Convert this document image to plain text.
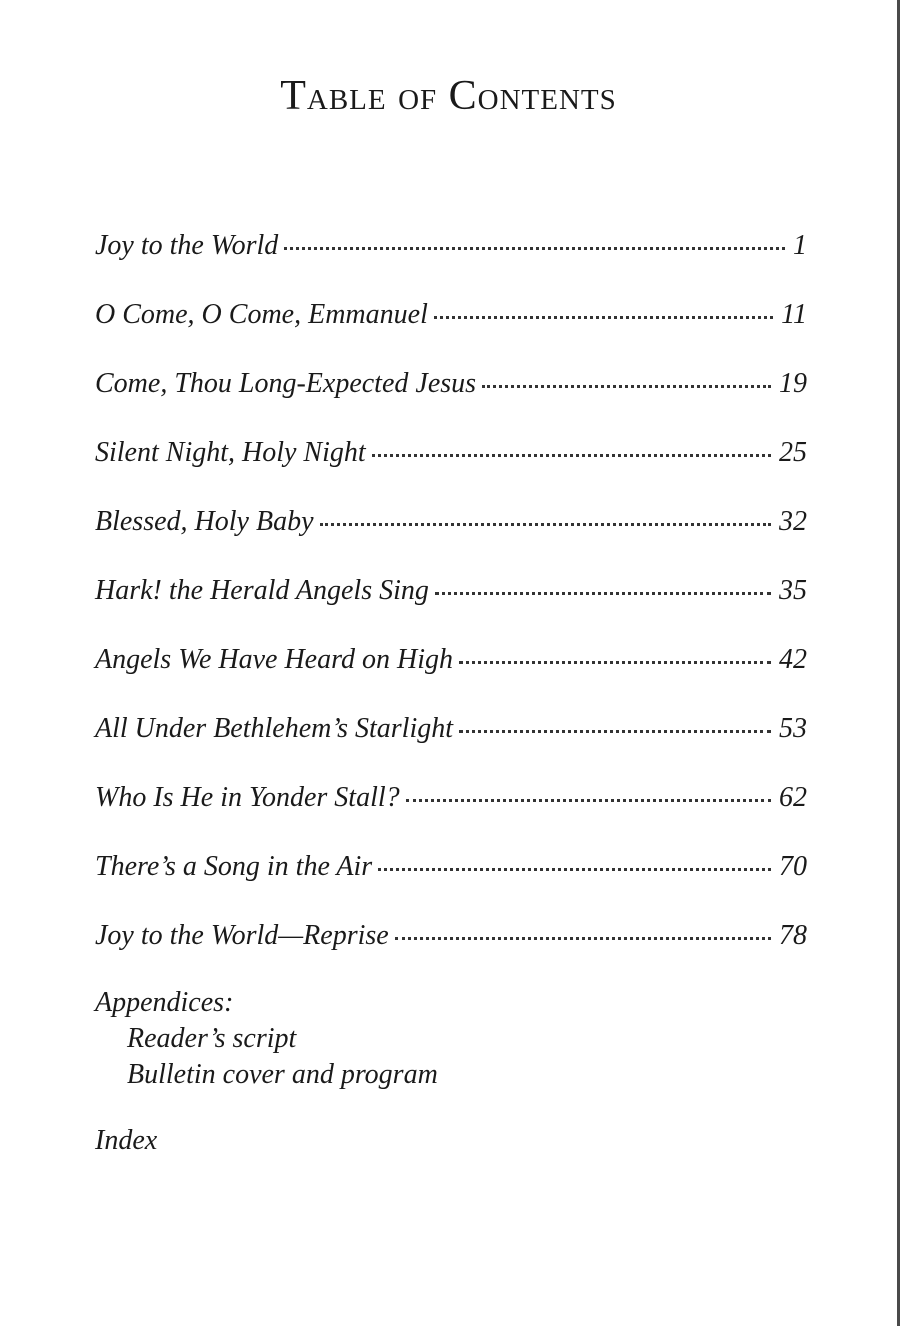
Table of Contents
Joy to the World	1
O Come, O Come, Emmanuel	11
Come, Thou Long-Expected Jesus	19
Silent Night, Holy Night	25
Blessed, Holy Baby	32
Hark! the Herald Angels Sing	35
Angels We Have Heard on High	42
All Under Bethlehem’s Starlight	53
Who Is He in Yonder Stall?	62
There’s a Song in the Air	70
Joy to the World—Reprise	78
Appendices:
Reader’s script
Bulletin cover and program
Index
